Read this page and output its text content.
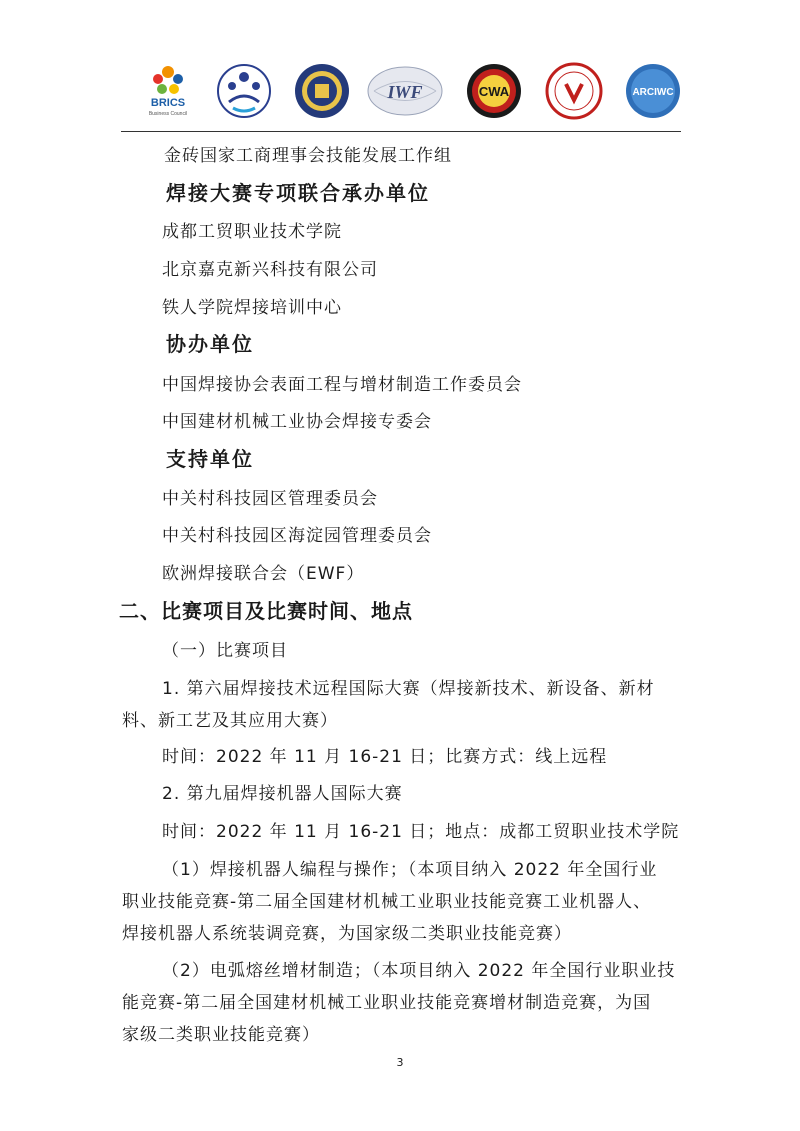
BRICS
Business Council
IWF	CWA	ARCIWC
金砖国家工商理事会技能发展工作组
焊接大赛专项联合承办单位
成都工贸职业技术学院
北京嘉克新兴科技有限公司
铁人学院焊接培训中心
协办单位
中国焊接协会表面工程与增材制造工作委员会
中国建材机械工业协会焊接专委会
支持单位
中关村科技园区管理委员会
中关村科技园区海淀园管理委员会
欧洲焊接联合会（EWF）
二、比赛项目及比赛时间、地点
（一）比赛项目
1. 第六届焊接技术远程国际大赛（焊接新技术、新设备、新材
料、新工艺及其应用大赛）
时间：2022 年 11 月 16-21 日；比赛方式：线上远程
2. 第九届焊接机器人国际大赛
时间：2022 年 11 月 16-21 日；地点：成都工贸职业技术学院
（1）焊接机器人编程与操作；（本项目纳入 2022 年全国行业
职业技能竞赛-第二届全国建材机械工业职业技能竞赛工业机器人、
焊接机器人系统装调竞赛，为国家级二类职业技能竞赛）
（2）电弧熔丝增材制造；（本项目纳入 2022 年全国行业职业技
能竞赛-第二届全国建材机械工业职业技能竞赛增材制造竞赛，为国
家级二类职业技能竞赛）
3
